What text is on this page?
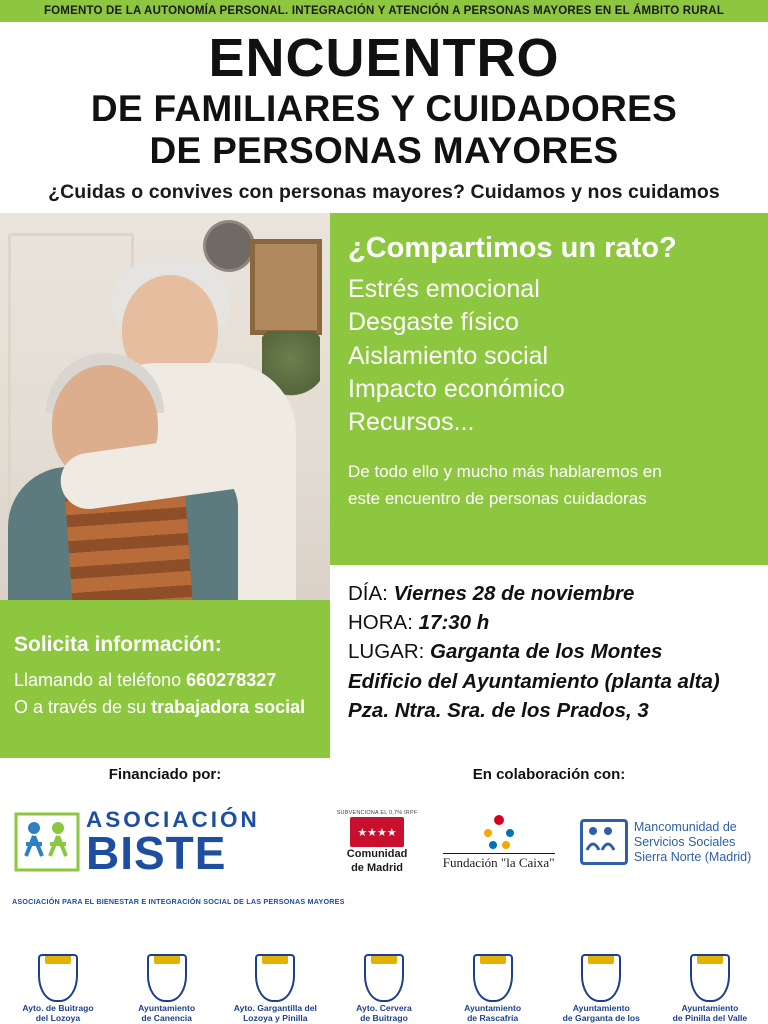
FOMENTO DE LA AUTONOMÍA PERSONAL. INTEGRACIÓN Y ATENCIÓN A PERSONAS MAYORES EN EL ÁMBITO RURAL
ENCUENTRO
DE FAMILIARES Y CUIDADORES
DE PERSONAS MAYORES
¿Cuidas o convives con personas mayores? Cuidamos y nos cuidamos
¿Compartimos un rato?
Estrés emocional
Desgaste físico
Aislamiento social
Impacto económico
Recursos...
De todo ello y mucho más hablaremos en
este encuentro de personas cuidadoras
DÍA: Viernes 28 de noviembre
HORA: 17:30 h
LUGAR: Garganta de los Montes
Edificio del Ayuntamiento (planta alta)
Pza. Ntra. Sra. de los Prados, 3
Solicita información:
Llamando al teléfono 660278327
O a través de su trabajadora social
Financiado por:	En colaboración con:
ASOCIACIÓN
BISTE
SUBVENCIONA EL 0,7% IRPF
★★★★

Comunidad
de Madrid	Fundación "la Caixa"
Mancomunidad de
Servicios Sociales
Sierra Norte (Madrid)
ASOCIACIÓN PARA EL BIENESTAR E INTEGRACIÓN SOCIAL DE LAS PERSONAS MAYORES
Ayto. de Buitrago
del Lozoya
Ayuntamiento
de Canencia
Ayto. Gargantilla del
Lozoya y Pinilla
Ayto. Cervera
de Buitrago
Ayuntamiento
de Rascafría
Ayuntamiento
de Garganta de los
Ayuntamiento
de Pinilla del Valle
